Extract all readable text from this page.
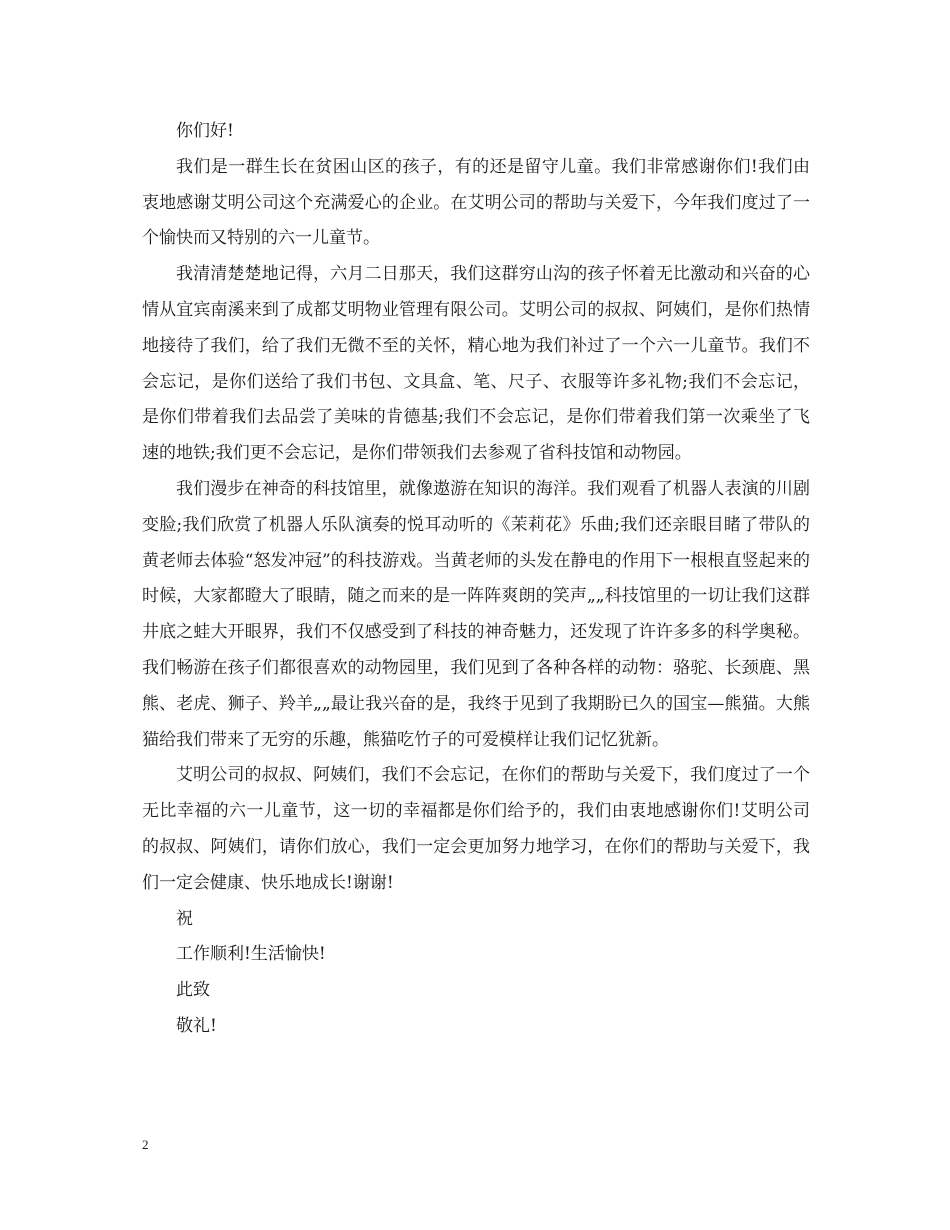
你们好!

我们是一群生长在贫困山区的孩子，有的还是留守儿童。我们非常感谢你们!我们由衷地感谢艾明公司这个充满爱心的企业。在艾明公司的帮助与关爱下，今年我们度过了一个愉快而又特别的六一儿童节。

我清清楚楚地记得，六月二日那天，我们这群穷山沟的孩子怀着无比激动和兴奋的心情从宜宾南溪来到了成都艾明物业管理有限公司。艾明公司的叔叔、阿姨们，是你们热情地接待了我们，给了我们无微不至的关怀，精心地为我们补过了一个六一儿童节。我们不会忘记，是你们送给了我们书包、文具盒、笔、尺子、衣服等许多礼物;我们不会忘记，是你们带着我们去品尝了美味的肯德基;我们不会忘记，是你们带着我们第一次乘坐了飞速的地铁;我们更不会忘记，是你们带领我们去参观了省科技馆和动物园。

我们漫步在神奇的科技馆里，就像遨游在知识的海洋。我们观看了机器人表演的川剧变脸;我们欣赏了机器人乐队演奏的悦耳动听的《茉莉花》乐曲;我们还亲眼目睹了带队的黄老师去体验“怒发冲冠”的科技游戏。当黄老师的头发在静电的作用下一根根直竖起来的时候，大家都瞪大了眼睛，随之而来的是一阵阵爽朗的笑声„„科技馆里的一切让我们这群井底之蛙大开眼界，我们不仅感受到了科技的神奇魅力，还发现了许许多多的科学奥秘。我们畅游在孩子们都很喜欢的动物园里，我们见到了各种各样的动物：骆驼、长颈鹿、黑熊、老虎、狮子、羚羊„„最让我兴奋的是，我终于见到了我期盼已久的国宝—熊猫。大熊猫给我们带来了无穷的乐趣，熊猫吃竹子的可爱模样让我们记忆犹新。

艾明公司的叔叔、阿姨们，我们不会忘记，在你们的帮助与关爱下，我们度过了一个无比幸福的六一儿童节，这一切的幸福都是你们给予的，我们由衷地感谢你们!艾明公司的叔叔、阿姨们，请你们放心，我们一定会更加努力地学习，在你们的帮助与关爱下，我们一定会健康、快乐地成长!谢谢!

祝

工作顺利!生活愉快!

此致

敬礼!

2
